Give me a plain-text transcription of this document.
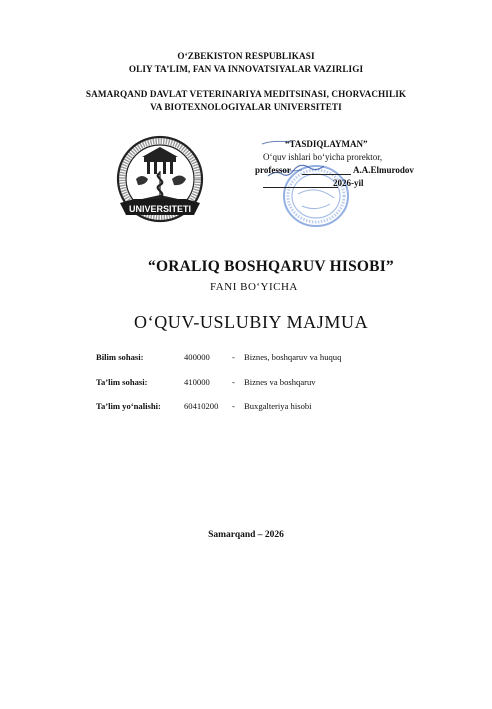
O‘ZBEKISTON RESPUBLIKASI
OLIY TA’LIM, FAN VA INNOVATSIYALAR VAZIRLIGI
SAMARQAND DAVLAT VETERINARIYA MEDITSINASI, CHORVACHILIK
VA BIOTEXNOLOGIYALAR UNIVERSITETI
UNIVERSITETI
“TASDIQLAYMAN”
O‘quv ishlari bo‘yicha prorektor,
professor	A.A.Elmurodov
2026-yil
“ORALIQ BOSHQARUV HISOBI”
FANI BO‘YICHA
O‘QUV-USLUBIY MAJMUA
Bilim sohasi:	400000	- Biznes, boshqaruv va huquq
Ta’lim sohasi:	410000	- Biznes va boshqaruv
Ta’lim yo‘nalishi:	60410200 - Buxgalteriya hisobi
Samarqand – 2026
